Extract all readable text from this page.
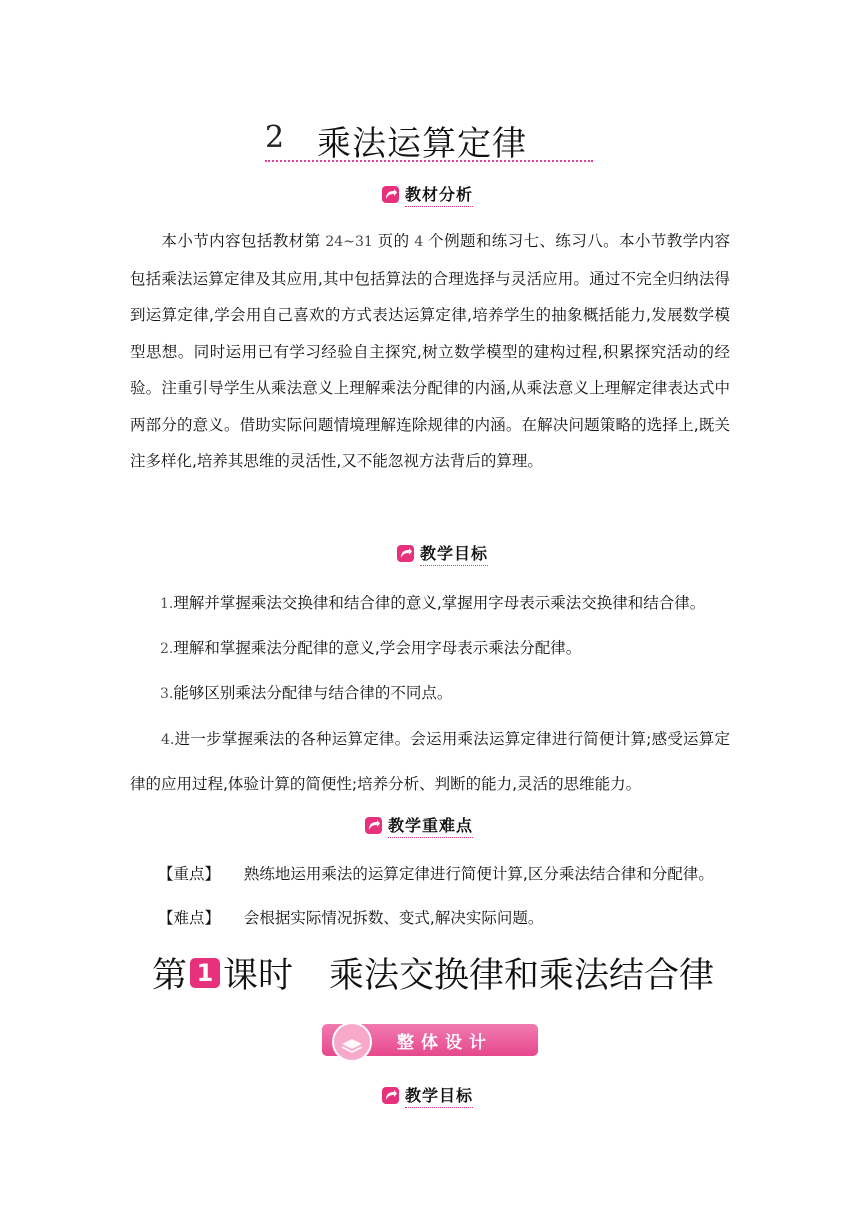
2 乘法运算定律
教材分析
本小节内容包括教材第 24~31 页的 4 个例题和练习七、练习八。本小节教学内容包括乘法运算定律及其应用,其中包括算法的合理选择与灵活应用。通过不完全归纳法得到运算定律,学会用自己喜欢的方式表达运算定律,培养学生的抽象概括能力,发展数学模型思想。同时运用已有学习经验自主探究,树立数学模型的建构过程,积累探究活动的经验。注重引导学生从乘法意义上理解乘法分配律的内涵,从乘法意义上理解定律表达式中两部分的意义。借助实际问题情境理解连除规律的内涵。在解决问题策略的选择上,既关注多样化,培养其思维的灵活性,又不能忽视方法背后的算理。
教学目标
1.理解并掌握乘法交换律和结合律的意义,掌握用字母表示乘法交换律和结合律。
2.理解和掌握乘法分配律的意义,学会用字母表示乘法分配律。
3.能够区别乘法分配律与结合律的不同点。
4.进一步掌握乘法的各种运算定律。会运用乘法运算定律进行简便计算;感受运算定律的应用过程,体验计算的简便性;培养分析、判断的能力,灵活的思维能力。
教学重难点
【重点】 熟练地运用乘法的运算定律进行简便计算,区分乘法结合律和分配律。
【难点】 会根据实际情况拆数、变式,解决实际问题。
第 1 课时 乘法交换律和乘法结合律
整体设计
教学目标
